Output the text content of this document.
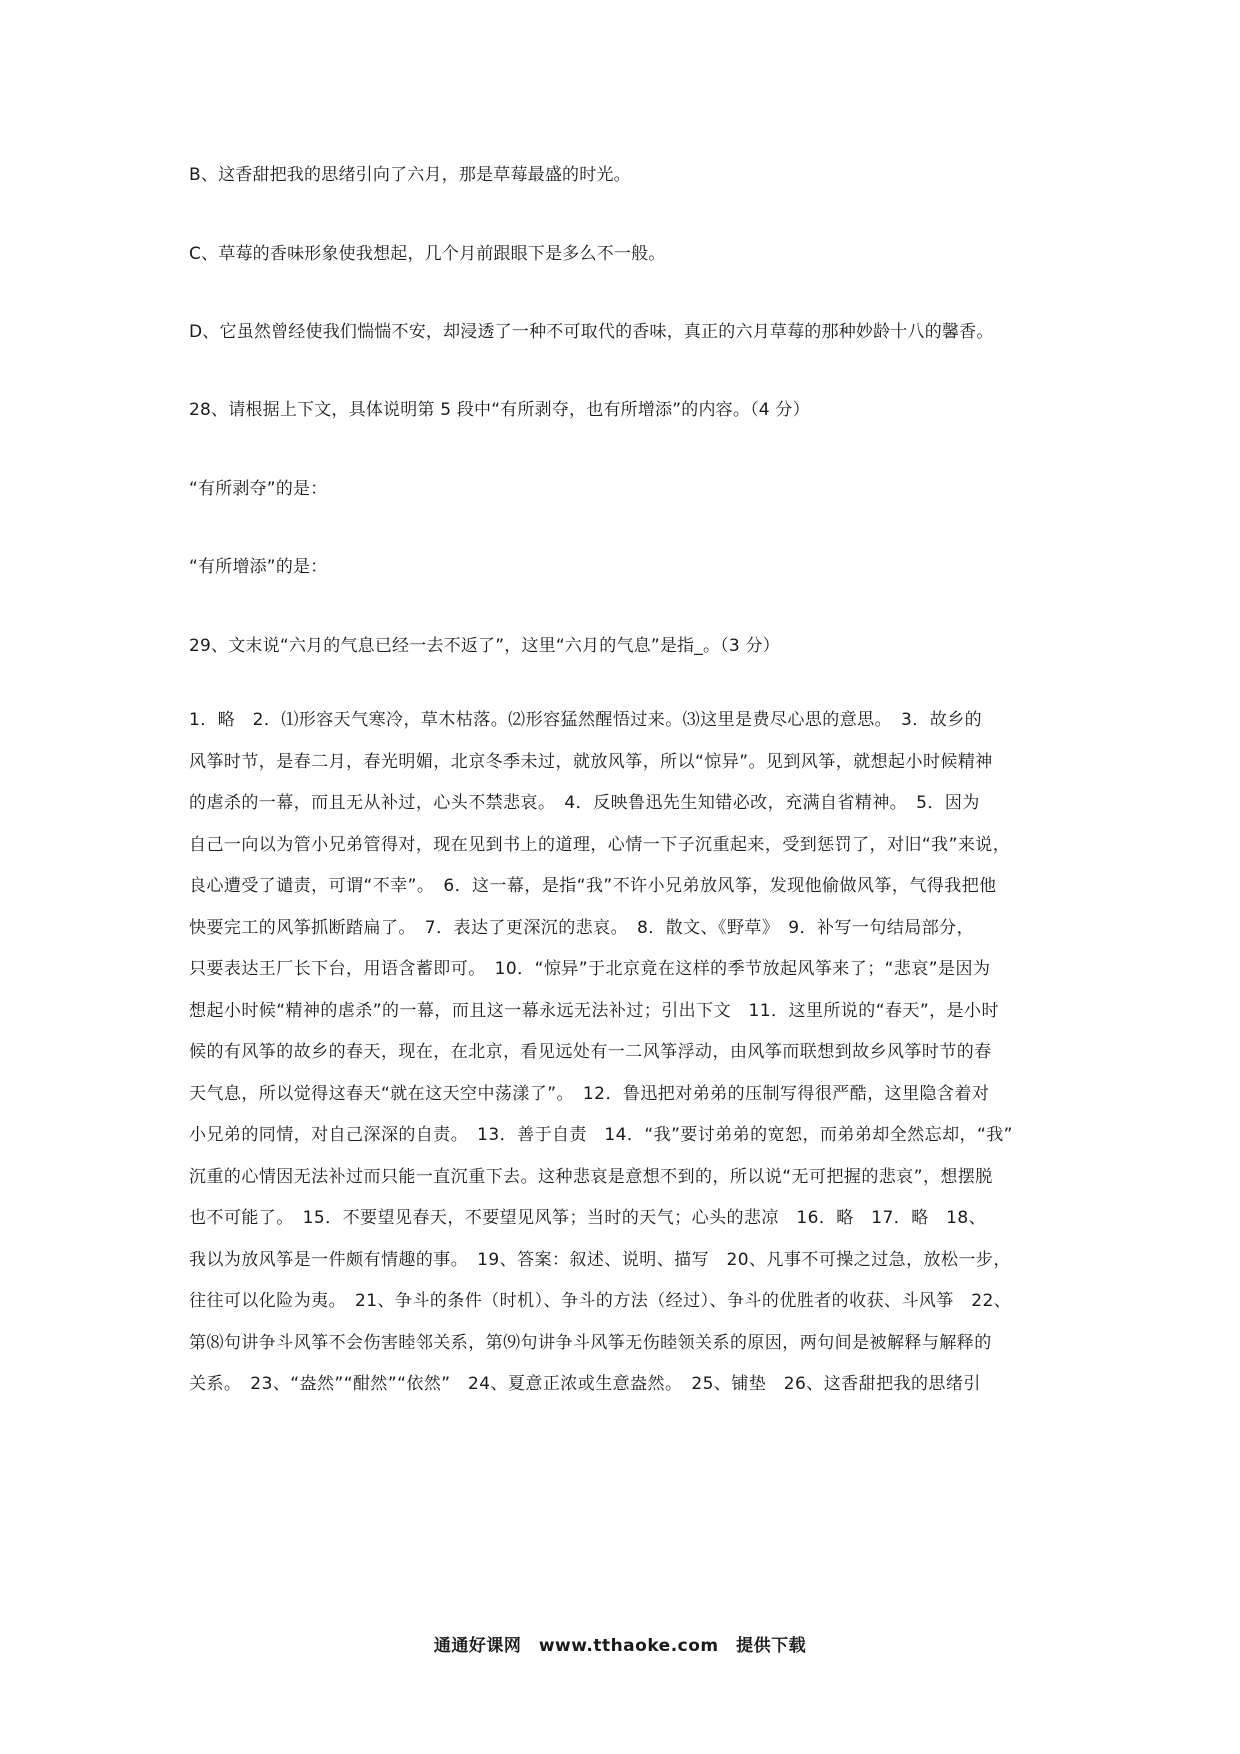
B、这香甜把我的思绪引向了六月，那是草莓最盛的时光。
C、草莓的香味形象使我想起，几个月前跟眼下是多么不一般。
D、它虽然曾经使我们惴惴不安，却浸透了一种不可取代的香味，真正的六月草莓的那种妙龄十八的馨香。
28、请根据上下文，具体说明第 5 段中“有所剥夺，也有所增添”的内容。（4 分）
“有所剥夺”的是：
“有所增添”的是：
29、文末说“六月的气息已经一去不返了”，这里“六月的气息”是指_。（3 分）
1．略　2．⑴形容天气寒冷，草木枯落。⑵形容猛然醒悟过来。⑶这里是费尽心思的意思。　3．故乡的
风筝时节，是春二月，春光明媚，北京冬季未过，就放风筝，所以“惊异”。见到风筝，就想起小时候精神
的虐杀的一幕，而且无从补过，心头不禁悲哀。　4．反映鲁迅先生知错必改，充满自省精神。　5．因为
自己一向以为管小兄弟管得对，现在见到书上的道理，心情一下子沉重起来，受到惩罚了，对旧“我”来说，
良心遭受了谴责，可谓“不幸”。　6．这一幕，是指“我”不许小兄弟放风筝，发现他偷做风筝，气得我把他
快要完工的风筝抓断踏扁了。　7．表达了更深沉的悲哀。　8．散文、《野草》　9．补写一句结局部分，
只要表达王厂长下台，用语含蓄即可。　10．“惊异”于北京竟在这样的季节放起风筝来了；“悲哀”是因为
想起小时候“精神的虐杀”的一幕，而且这一幕永远无法补过；引出下文　11．这里所说的“春天”，是小时
候的有风筝的故乡的春天，现在，在北京，看见远处有一二风筝浮动，由风筝而联想到故乡风筝时节的春
天气息，所以觉得这春天“就在这天空中荡漾了”。　12．鲁迅把对弟弟的压制写得很严酷，这里隐含着对
小兄弟的同情，对自己深深的自责。　13．善于自责　14．“我”要讨弟弟的宽恕，而弟弟却全然忘却，“我”
沉重的心情因无法补过而只能一直沉重下去。这种悲哀是意想不到的，所以说“无可把握的悲哀”，想摆脱
也不可能了。　15．不要望见春天，不要望见风筝；当时的天气；心头的悲凉　16．略　17．略　18、
我以为放风筝是一件颇有情趣的事。　19、答案：叙述、说明、描写　20、凡事不可操之过急，放松一步，
往往可以化险为夷。　21、争斗的条件（时机）、争斗的方法（经过）、争斗的优胜者的收获、斗风筝　22、
第⑻句讲争斗风筝不会伤害睦邻关系，第⑼句讲争斗风筝无伤睦领关系的原因，两句间是被解释与解释的
关系。　23、“盎然”“酣然”“依然”　24、夏意正浓或生意盎然。　25、铺垫　26、这香甜把我的思绪引
通通好课网　www.tthaoke.com　提供下载
